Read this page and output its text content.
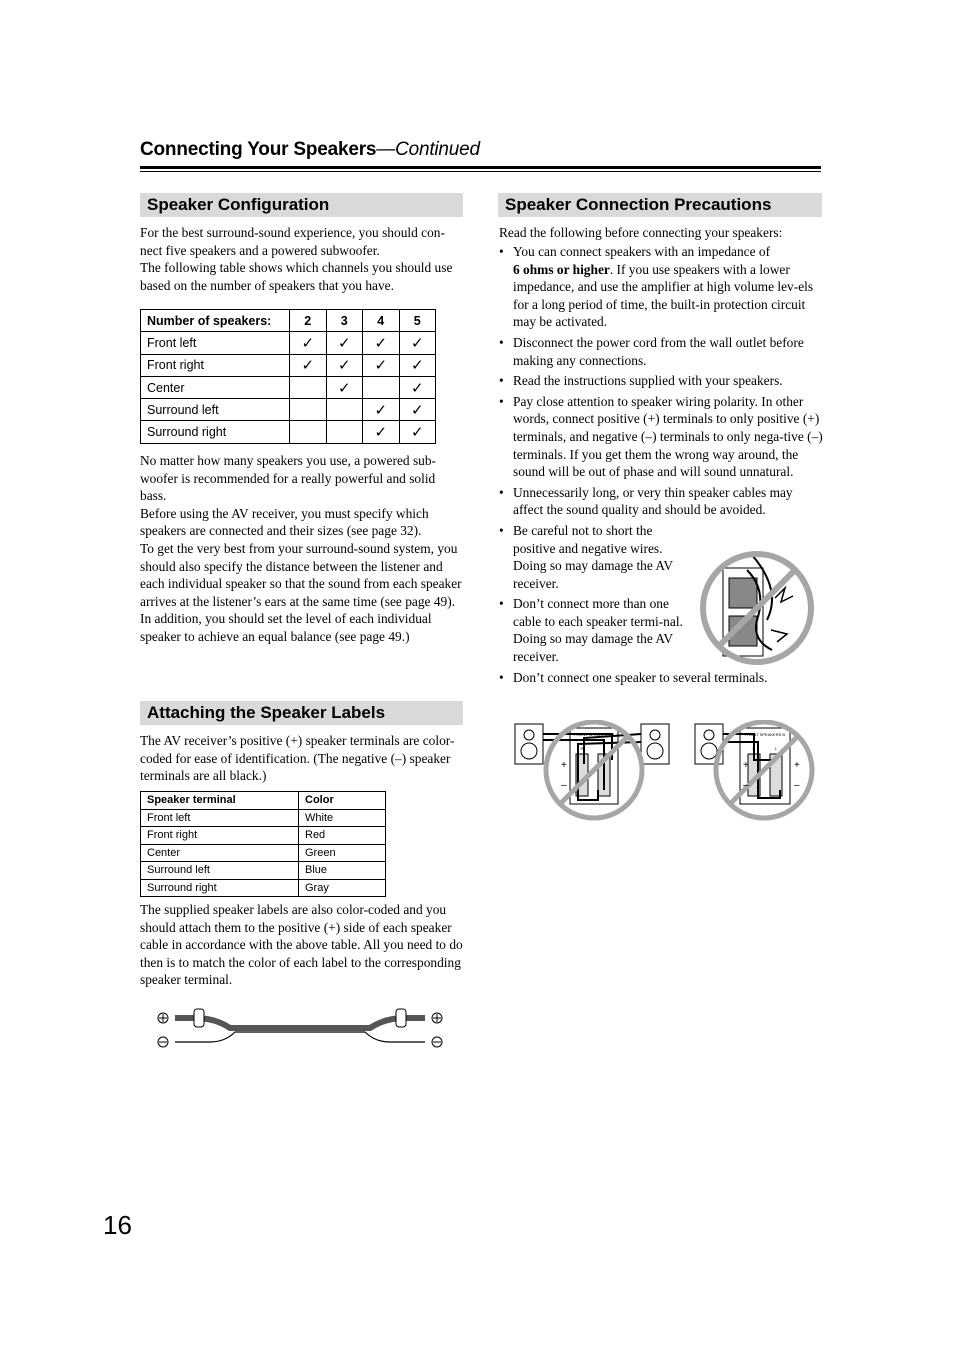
Connecting Your Speakers—Continued
Speaker Configuration
For the best surround-sound experience, you should con-nect five speakers and a powered subwoofer.
The following table shows which channels you should use based on the number of speakers that you have.
Number of speakers:	2	3	4	5
Front left	✓	✓	✓	✓
Front right	✓	✓	✓	✓
Center		✓		✓
Surround left			✓	✓
Surround right			✓	✓
No matter how many speakers you use, a powered sub-woofer is recommended for a really powerful and solid bass.
Before using the AV receiver, you must specify which speakers are connected and their sizes (see page 32).
To get the very best from your surround-sound system, you should also specify the distance between the listener and each individual speaker so that the sound from each speaker arrives at the listener’s ears at the same time (see page 49). In addition, you should set the level of each individual speaker to achieve an equal balance (see page 49.)
Attaching the Speaker Labels
The AV receiver’s positive (+) speaker terminals are color-coded for ease of identification. (The negative (–) speaker terminals are all black.)
Speaker terminal	Color
Front left	White
Front right	Red
Center	Green
Surround left	Blue
Surround right	Gray
The supplied speaker labels are also color-coded and you should attach them to the positive (+) side of each speaker cable in accordance with the above table. All you need to do then is to match the color of each label to the corresponding speaker terminal.
Speaker Connection Precautions
Read the following before connecting your speakers:
• You can connect speakers with an impedance of
6 ohms or higher. If you use speakers with a lower impedance, and use the amplifier at high volume lev-els for a long period of time, the built-in protection circuit may be activated.
• Disconnect the power cord from the wall outlet before making any connections.
• Read the instructions supplied with your speakers.
• Pay close attention to speaker wiring polarity. In other words, connect positive (+) terminals to only positive (+) terminals, and negative (–) terminals to only nega-tive (–) terminals. If you get them the wrong way around, the sound will be out of phase and will sound unnatural.
• Unnecessarily long, or very thin speaker cables may affect the sound quality and should be avoided.
• Be careful not to short the positive and negative wires. Doing so may damage the AV receiver.
• Don’t connect more than one cable to each speaker termi-nal. Doing so may damage the AV receiver.
• Don’t connect one speaker to several terminals.
FRONT SPEAKERS B
R	L
FRONT SPEAKERS B
R	L
+
–
+
–
+
–
16
